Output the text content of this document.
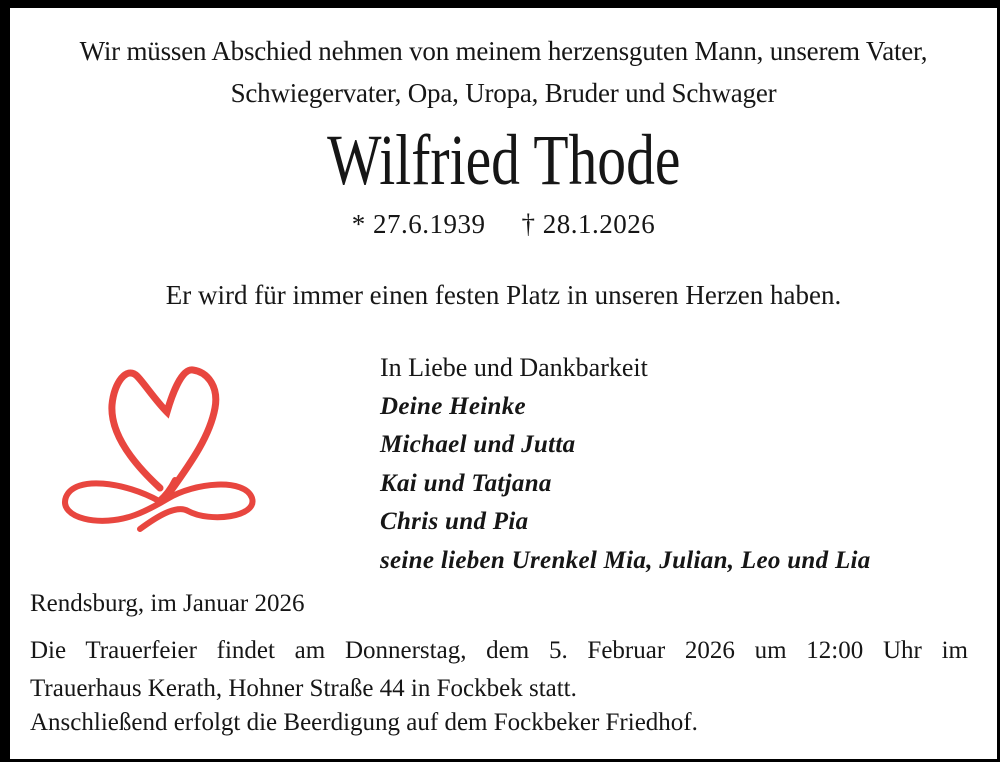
Wir müssen Abschied nehmen von meinem herzensguten Mann, unserem Vater,
Schwiegervater, Opa, Uropa, Bruder und Schwager
Wilfried Thode
* 27.6.1939 † 28.1.2026
Er wird für immer einen festen Platz in unseren Herzen haben.
In Liebe und Dankbarkeit
Deine Heinke
Michael und Jutta
Kai und Tatjana
Chris und Pia
seine lieben Urenkel Mia, Julian, Leo und Lia
Rendsburg, im Januar 2026
Die Trauerfeier findet am Donnerstag, dem 5. Februar 2026 um 12:00 Uhr im
Trauerhaus Kerath, Hohner Straße 44 in Fockbek statt.
Anschließend erfolgt die Beerdigung auf dem Fockbeker Friedhof.
